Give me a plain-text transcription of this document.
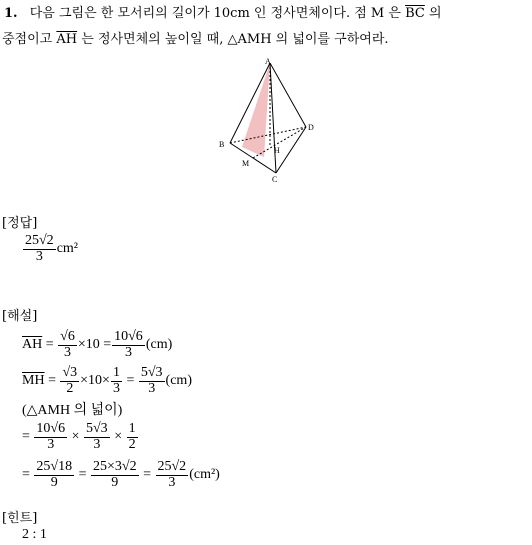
1. 다음 그림은 한 모서리의 길이가 10cm 인 정사면체이다. 점 M 은 $\overline{BC}$ 의
중점이고 $\overline{AH}$ 는 정사면체의 높이일 때, △AMH 의 넓이를 구하여라.
A
B
C
D
H
M
[정답]
$\frac{25√2}{3} cm^2$
[해설]
$\overline{AH} = \frac{√6}{3} \times 10 = \frac{10√6}{3} (cm)$
$\overline{MH} = \frac{√3}{2} \times 10\times \frac{1}{3} = \frac{5√3}{3} (cm)$
(△AMH 의 넓이)
= $\frac{10√6}{3} \times \frac{5√3}{3} \times \frac{1}{2}$
= $\frac{25√18}{9} = \frac{25\times 3√2}{9} = \frac{25√2}{3} (cm^2)$
[힌트]
2 : 1
